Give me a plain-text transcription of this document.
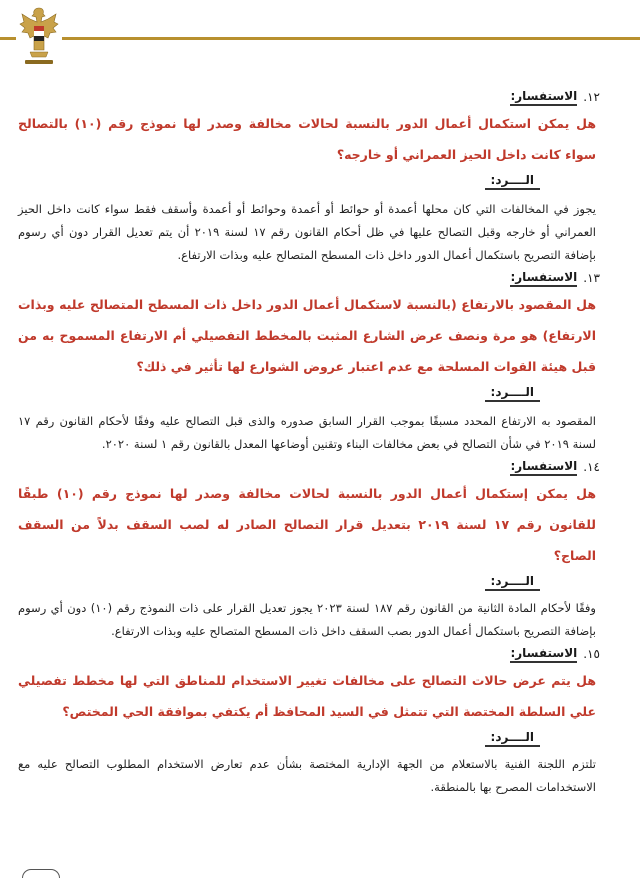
١٢.
الاستفسار:

هل يمكن استكمال أعمال الدور بالنسبة لحالات مخالفة وصدر لها نموذج رقم (١٠) بالتصالح سواء كانت داخل الحيز العمراني أو خارجه؟

الــــرد:

يجوز في المخالفات التي كان محلها أعمدة أو حوائط أو أعمدة وحوائط أو أعمدة وأسقف فقط سواء كانت داخل الحيز العمراني أو خارجه وقبل التصالح عليها في ظل أحكام القانون رقم ١٧ لسنة ٢٠١٩ أن يتم تعديل القرار دون أي رسوم بإضافة التصريح باستكمال أعمال الدور داخل ذات المسطح المتصالح عليه وبذات الارتفاع.

١٣.
الاستفسار:

هل المقصود بالارتفاع (بالنسبة لاستكمال أعمال الدور داخل ذات المسطح المتصالح عليه وبذات الارتفاع) هو مرة ونصف عرض الشارع المثبت بالمخطط التفصيلي أم الارتفاع المسموح به من قبل هيئة القوات المسلحة مع عدم اعتبار عروض الشوارع لها تأثير في ذلك؟

الــــرد:

المقصود به الارتفاع المحدد مسبقًا بموجب القرار السابق صدوره والذى قبل التصالح عليه وفقًا لأحكام القانون رقم ١٧ لسنة ٢٠١٩ في شأن التصالح في بعض مخالفات البناء وتقنين أوضاعها المعدل بالقانون رقم ١ لسنة ٢٠٢٠.

١٤.
الاستفسار:

هل يمكن إستكمال أعمال الدور بالنسبة لحالات مخالفة وصدر لها نموذج رقم (١٠) طبقًا للقانون رقم ١٧ لسنة ٢٠١٩ بتعديل قرار التصالح الصادر له لصب السقف بدلاً من السقف الصاج؟

الــــرد:

وفقًا لأحكام المادة الثانية من القانون رقم ١٨٧ لسنة ٢٠٢٣ يجوز تعديل القرار على ذات النموذج رقم (١٠) دون أي رسوم بإضافة التصريح باستكمال أعمال الدور بصب السقف داخل ذات المسطح المتصالح عليه وبذات الارتفاع.

١٥.
الاستفسار:

هل يتم عرض حالات التصالح على مخالفات تغيير الاستخدام للمناطق التي لها مخطط تفصيلي علي السلطة المختصة التي تتمثل في السيد المحافظ أم يكتفي بموافقة الحي المختص؟

الــــرد:

تلتزم اللجنة الفنية بالاستعلام من الجهة الإدارية المختصة بشأن عدم تعارض الاستخدام المطلوب التصالح عليه مع الاستخدامات المصرح بها بالمنطقة.
